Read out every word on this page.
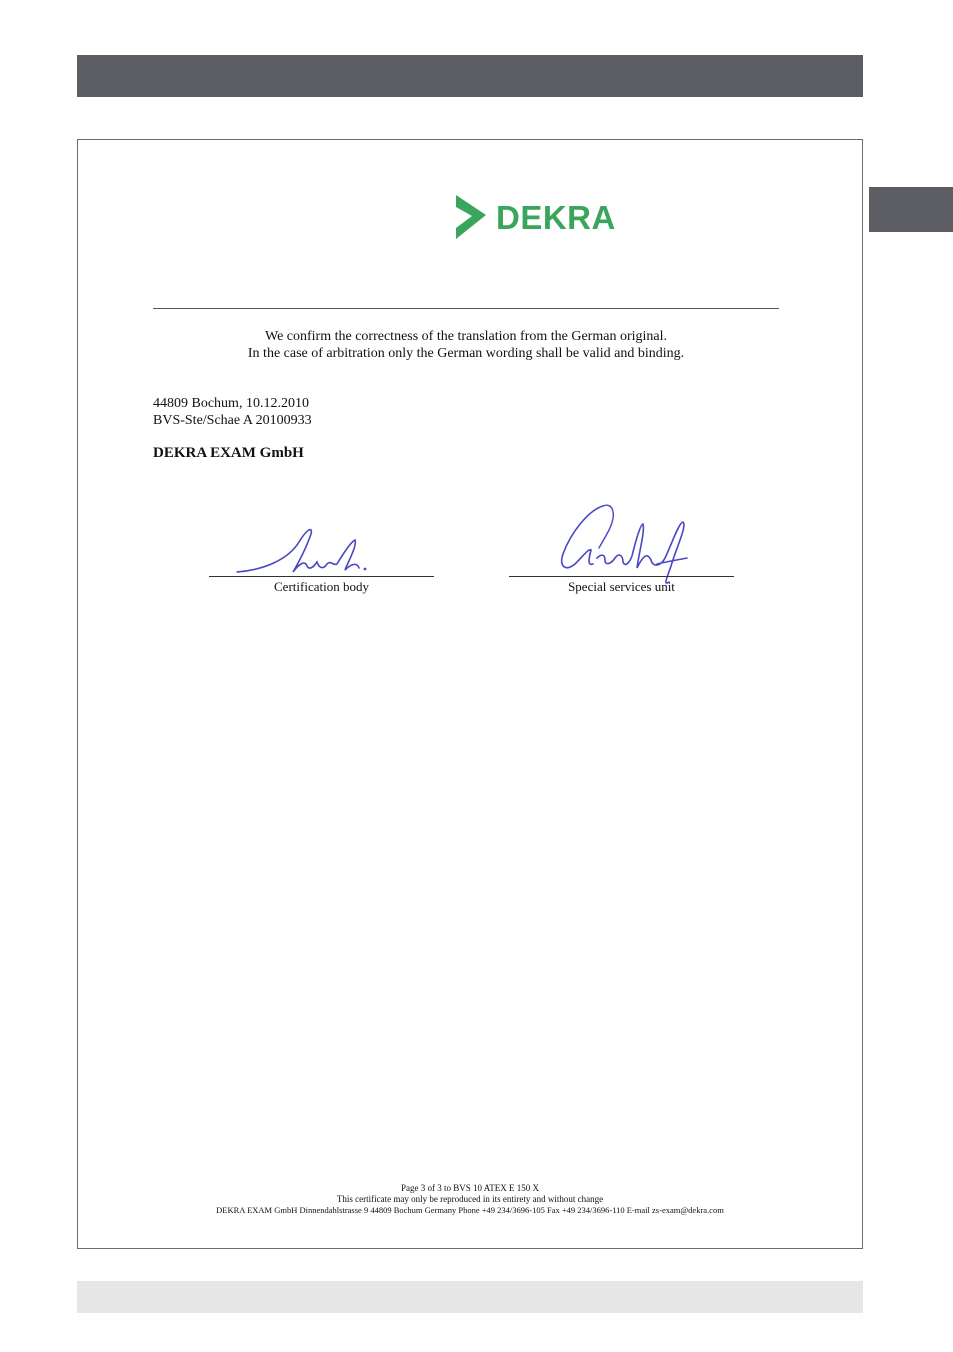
DEKRA
We confirm the correctness of the translation from the German original.
In the case of arbitration only the German wording shall be valid and binding.
44809 Bochum, 10.12.2010
BVS-Ste/Schae A 20100933
DEKRA EXAM GmbH
Certification body	Special services unit
Page 3 of 3 to BVS 10 ATEX E 150 X
This certificate may only be reproduced in its entirety and without change
DEKRA EXAM GmbH Dinnendahlstrasse 9 44809 Bochum Germany Phone +49 234/3696-105 Fax +49 234/3696-110 E-mail zs-exam@dekra.com
